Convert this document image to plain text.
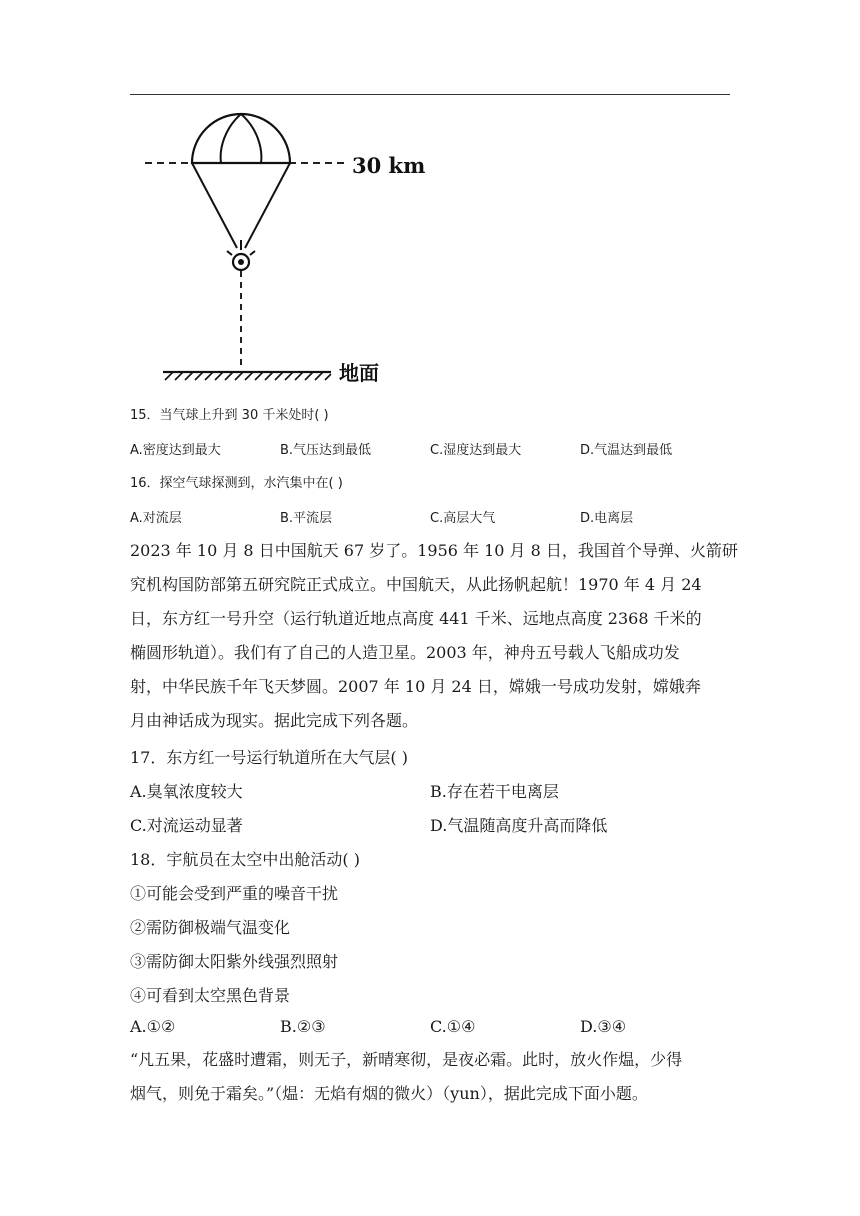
30 km
地面
15．当气球上升到 30 千米处时( )
A.密度达到最大	B.气压达到最低	C.湿度达到最大	D.气温达到最低
16．探空气球探测到，水汽集中在( )
A.对流层	B.平流层	C.高层大气	D.电离层
2023 年 10 月 8 日中国航天 67 岁了。1956 年 10 月 8 日，我国首个导弹、火箭研
究机构国防部第五研究院正式成立。中国航天，从此扬帆起航！1970 年 4 月 24
日，东方红一号升空（运行轨道近地点高度 441 千米、远地点高度 2368 千米的
椭圆形轨道）。我们有了自己的人造卫星。2003 年，神舟五号载人飞船成功发
射，中华民族千年飞天梦圆。2007 年 10 月 24 日，嫦娥一号成功发射，嫦娥奔
月由神话成为现实。据此完成下列各题。
17．东方红一号运行轨道所在大气层( )
A.臭氧浓度较大	B.存在若干电离层
C.对流运动显著	D.气温随高度升高而降低
18．宇航员在太空中出舱活动( )
①可能会受到严重的噪音干扰
②需防御极端气温变化
③需防御太阳紫外线强烈照射
④可看到太空黑色背景
A.①②	B.②③	C.①④	D.③④
“凡五果，花盛时遭霜，则无子，新晴寒彻，是夜必霜。此时，放火作煴，少得
烟气，则免于霜矣。”（煴：无焰有烟的微火）（yun），据此完成下面小题。
